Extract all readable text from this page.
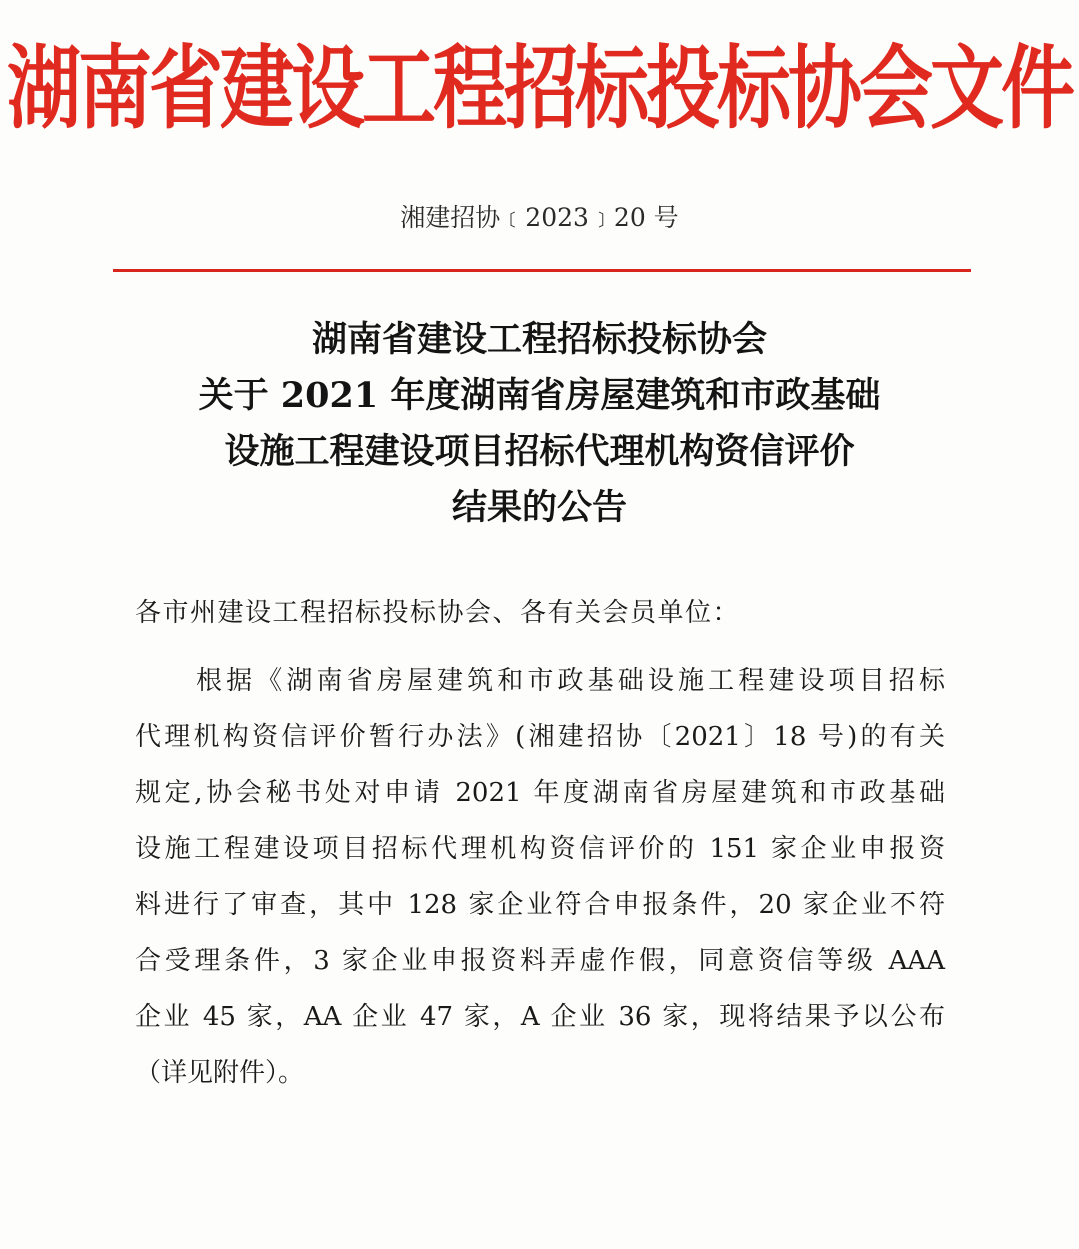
湖南省建设工程招标投标协会文件
湘建招协﹝2023﹞20 号
湖南省建设工程招标投标协会
关于 2021 年度湖南省房屋建筑和市政基础
设施工程建设项目招标代理机构资信评价
结果的公告
各市州建设工程招标投标协会、各有关会员单位：
根据《湖南省房屋建筑和市政基础设施工程建设项目招标
代理机构资信评价暂行办法》(湘建招协〔2021〕18 号)的有关
规定,协会秘书处对申请 2021 年度湖南省房屋建筑和市政基础
设施工程建设项目招标代理机构资信评价的 151 家企业申报资
料进行了审查，其中 128 家企业符合申报条件，20 家企业不符
合受理条件，3 家企业申报资料弄虚作假，同意资信等级 AAA
企业 45 家，AA 企业 47 家，A 企业 36 家，现将结果予以公布
（详见附件）。
